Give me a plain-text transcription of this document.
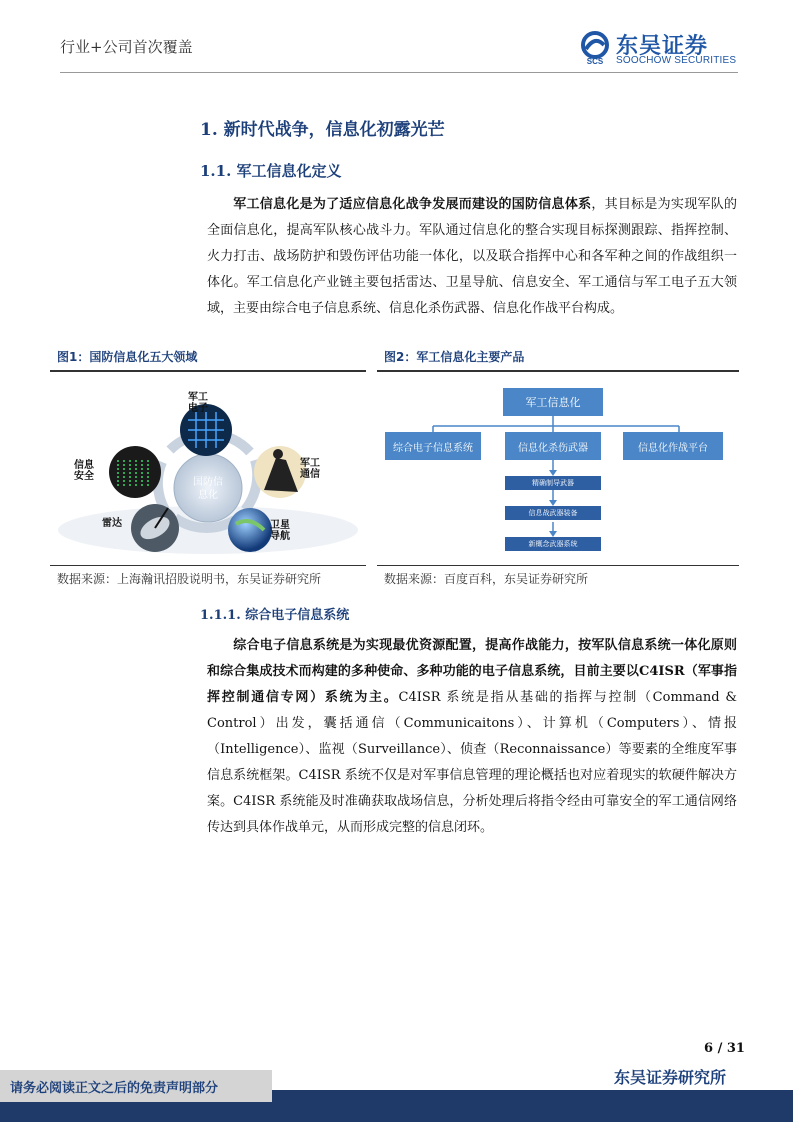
行业+公司首次覆盖
SCS
东吴证券
SOOCHOW SECURITIES
1. 新时代战争，信息化初露光芒
1.1. 军工信息化定义
军工信息化是为了适应信息化战争发展而建设的国防信息体系，其目标是为实现军队的全面信息化，提高军队核心战斗力。军队通过信息化的整合实现目标探测跟踪、指挥控制、火力打击、战场防护和毁伤评估功能一体化，以及联合指挥中心和各军种之间的作战组织一体化。军工信息化产业链主要包括雷达、卫星导航、信息安全、军工通信与军工电子五大领域，主要由综合电子信息系统、信息化杀伤武器、信息化作战平台构成。
图1：国防信息化五大领域
国防信息化
军工电子
军工通信
卫星导航
雷达
信息安全
数据来源：上海瀚讯招股说明书，东吴证券研究所
图2：军工信息化主要产品
军工信息化
综合电子信息系统	信息化杀伤武器	信息化作战平台
精确制导武器
信息战武器装备
新概念武器系统
数据来源：百度百科，东吴证券研究所
1.1.1. 综合电子信息系统
综合电子信息系统是为实现最优资源配置，提高作战能力，按军队信息系统一体化原则和综合集成技术而构建的多种使命、多种功能的电子信息系统，目前主要以C4ISR（军事指挥控制通信专网）系统为主。C4ISR 系统是指从基础的指挥与控制（Command & Control）出发，囊括通信（Communicaitons）、计算机（Computers）、情报（Intelligence）、监视（Surveillance）、侦查（Reconnaissance）等要素的全维度军事信息系统框架。C4ISR 系统不仅是对军事信息管理的理论概括也对应着现实的软硬件解决方案。C4ISR 系统能及时准确获取战场信息，分析处理后将指令经由可靠安全的军工通信网络传达到具体作战单元，从而形成完整的信息闭环。
6 / 31
东吴证券研究所
请务必阅读正文之后的免责声明部分
